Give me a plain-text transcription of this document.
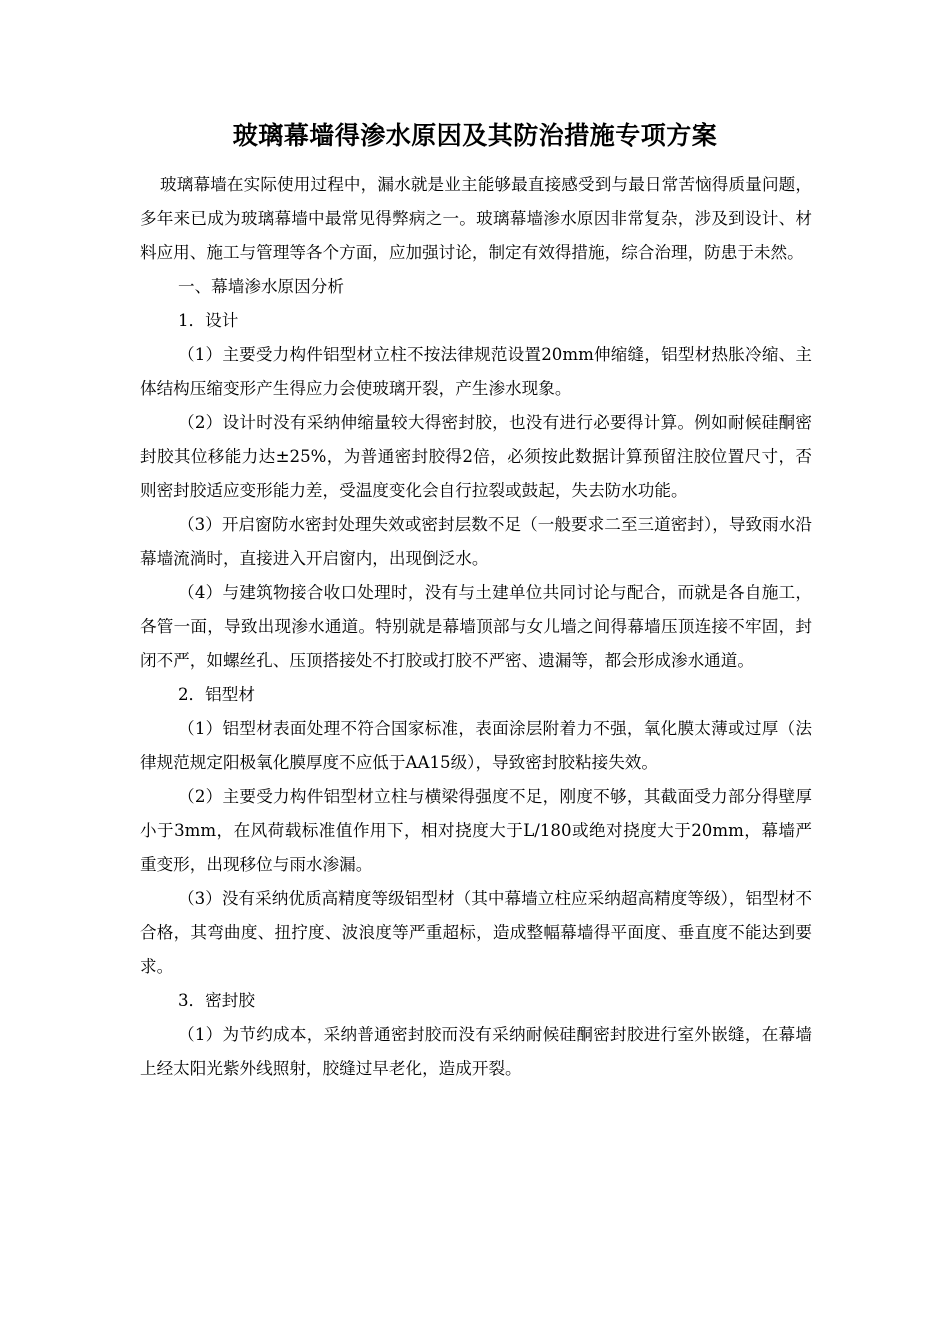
玻璃幕墙得渗水原因及其防治措施专项方案

玻璃幕墙在实际使用过程中，漏水就是业主能够最直接感受到与最日常苦恼得质量问题，多年来已成为玻璃幕墙中最常见得弊病之一。玻璃幕墙渗水原因非常复杂，涉及到设计、材料应用、施工与管理等各个方面，应加强讨论，制定有效得措施，综合治理，防患于未然。

一、幕墙渗水原因分析

1．设计

（1）主要受力构件铝型材立柱不按法律规范设置20mm伸缩缝，铝型材热胀冷缩、主体结构压缩变形产生得应力会使玻璃开裂，产生渗水现象。

（2）设计时没有采纳伸缩量较大得密封胶，也没有进行必要得计算。例如耐候硅酮密封胶其位移能力达±25%，为普通密封胶得2倍，必须按此数据计算预留注胶位置尺寸，否则密封胶适应变形能力差，受温度变化会自行拉裂或鼓起，失去防水功能。

（3）开启窗防水密封处理失效或密封层数不足（一般要求二至三道密封），导致雨水沿幕墙流淌时，直接进入开启窗内，出现倒泛水。

（4）与建筑物接合收口处理时，没有与土建单位共同讨论与配合，而就是各自施工，各管一面，导致出现渗水通道。特别就是幕墙顶部与女儿墙之间得幕墙压顶连接不牢固，封闭不严，如螺丝孔、压顶搭接处不打胶或打胶不严密、遗漏等，都会形成渗水通道。

2．铝型材

（1）铝型材表面处理不符合国家标准，表面涂层附着力不强，氧化膜太薄或过厚（法律规范规定阳极氧化膜厚度不应低于AA15级），导致密封胶粘接失效。

（2）主要受力构件铝型材立柱与横梁得强度不足，刚度不够，其截面受力部分得壁厚小于3mm，在风荷载标准值作用下，相对挠度大于L/180或绝对挠度大于20mm，幕墙严重变形，出现移位与雨水渗漏。

（3）没有采纳优质高精度等级铝型材（其中幕墙立柱应采纳超高精度等级），铝型材不合格，其弯曲度、扭拧度、波浪度等严重超标，造成整幅幕墙得平面度、垂直度不能达到要求。

3．密封胶

（1）为节约成本，采纳普通密封胶而没有采纳耐候硅酮密封胶进行室外嵌缝，在幕墙上经太阳光紫外线照射，胶缝过早老化，造成开裂。
